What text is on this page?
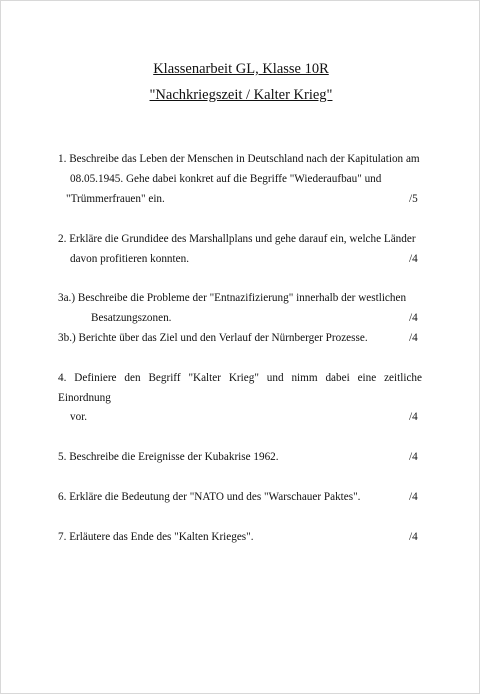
Klassenarbeit GL, Klasse 10R
"Nachkriegszeit / Kalter Krieg"
1. Beschreibe das Leben der Menschen in Deutschland nach der Kapitulation am
08.05.1945. Gehe dabei konkret auf die Begriffe "Wiederaufbau" und
"Trümmerfrauen" ein.	/5
2. Erkläre die Grundidee des Marshallplans und gehe darauf ein, welche Länder
davon profitieren konnten.	/4
3a.) Beschreibe die Probleme der "Entnazifizierung" innerhalb der westlichen
Besatzungszonen.	/4
3b.) Berichte über das Ziel und den Verlauf der Nürnberger Prozesse.	/4
4. Definiere den Begriff "Kalter Krieg" und nimm dabei eine zeitliche
Einordnung
vor.	/4
5. Beschreibe die Ereignisse der Kubakrise 1962.	/4
6. Erkläre die Bedeutung der "NATO und des "Warschauer Paktes".	/4
7. Erläutere das Ende des "Kalten Krieges".	/4
